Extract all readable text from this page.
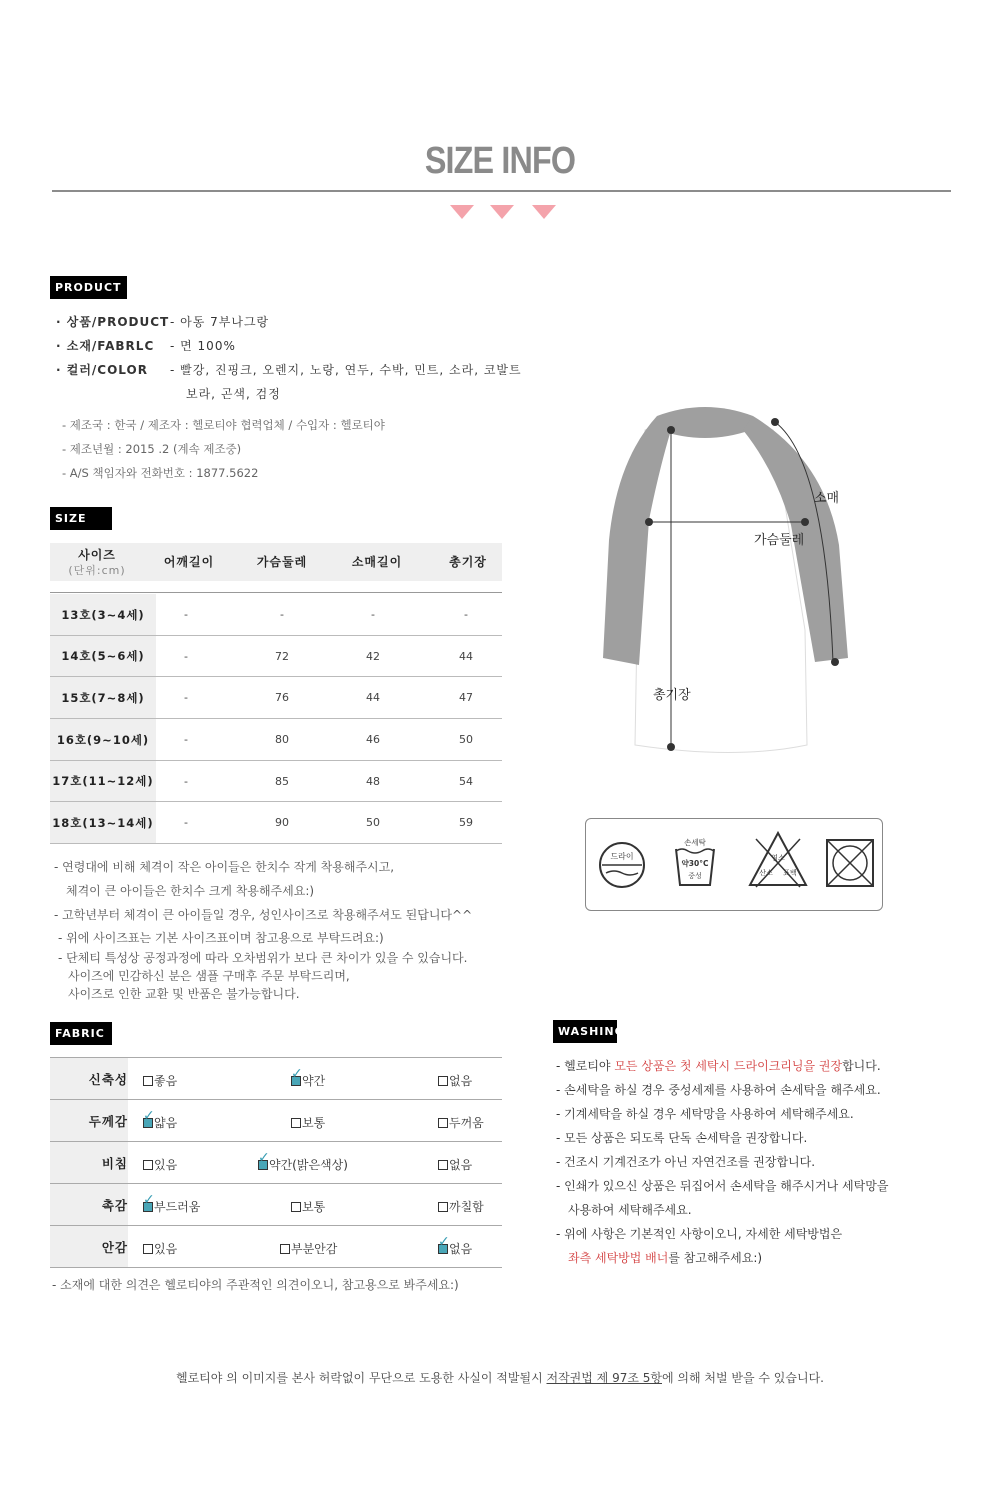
SIZE INFO
PRODUCT
· 상품/PRODUCT - 아동 7부나그랑
· 소재/FABRLC - 면 100%
· 컬러/COLOR - 빨강, 진핑크, 오렌지, 노랑, 연두, 수박, 민트, 소라, 코발트
보라, 곤색, 검정
- 제조국 : 한국 / 제조자 : 헬로티야 협력업체 / 수입자 : 헬로티야
- 제조년월 : 2015 .2 (계속 제조중)
- A/S 책임자와 전화번호 : 1877.5622
SIZE
사이즈
(단위:cm)
어깨길이	가슴둘레	소매길이	총기장
13호(3~4세)	-	-	-	-
14호(5~6세)	-	72	42	44
15호(7~8세)	-	76	44	47
16호(9~10세)	-	80	46	50
17호(11~12세)	-	85	48	54
18호(13~14세)	-	90	50	59
- 연령대에 비해 체격이 작은 아이들은 한치수 작게 착용해주시고,
체격이 큰 아이들은 한치수 크게 착용해주세요:)
- 고학년부터 체격이 큰 아이들일 경우, 성인사이즈로 착용해주셔도 된답니다^^
- 위에 사이즈표는 기본 사이즈표이며 참고용으로 부탁드려요:)
- 단체티 특성상 공정과정에 따라 오차범위가 보다 큰 차이가 있을 수 있습니다.
사이즈에 민감하신 분은 샘플 구매후 주문 부탁드리며,
사이즈로 인한 교환 및 반품은 불가능합니다.
소매
가슴둘레
총기장
드라이
손세탁
약30°C
중성
염소
산소 표백
FABRIC
신축성	좋음	✓ 약간	없음
두께감 ✓ 얇음	보통	두꺼움
비침	있음	✓ 약간(밝은색상)	없음
촉감 ✓ 부드러움	보통	까칠함
안감	있음	부분안감	✓ 없음
- 소재에 대한 의견은 헬로티야의 주관적인 의견이오니, 참고용으로 봐주세요:)
WASHING
- 헬로티야 모든 상품은 첫 세탁시 드라이크리닝을 권장합니다.
- 손세탁을 하실 경우 중성세제를 사용하여 손세탁을 해주세요.
- 기계세탁을 하실 경우 세탁망을 사용하여 세탁해주세요.
- 모든 상품은 되도록 단독 손세탁을 권장합니다.
- 건조시 기계건조가 아닌 자연건조를 권장합니다.
- 인쇄가 있으신 상품은 뒤집어서 손세탁을 해주시거나 세탁망을
사용하여 세탁해주세요.
- 위에 사항은 기본적인 사항이오니, 자세한 세탁방법은
좌측 세탁방법 배너를 참고해주세요:)
헬로티야 의 이미지를 본사 허락없이 무단으로 도용한 사실이 적발될시 저작권법 제 97조 5항에 의해 처벌 받을 수 있습니다.
